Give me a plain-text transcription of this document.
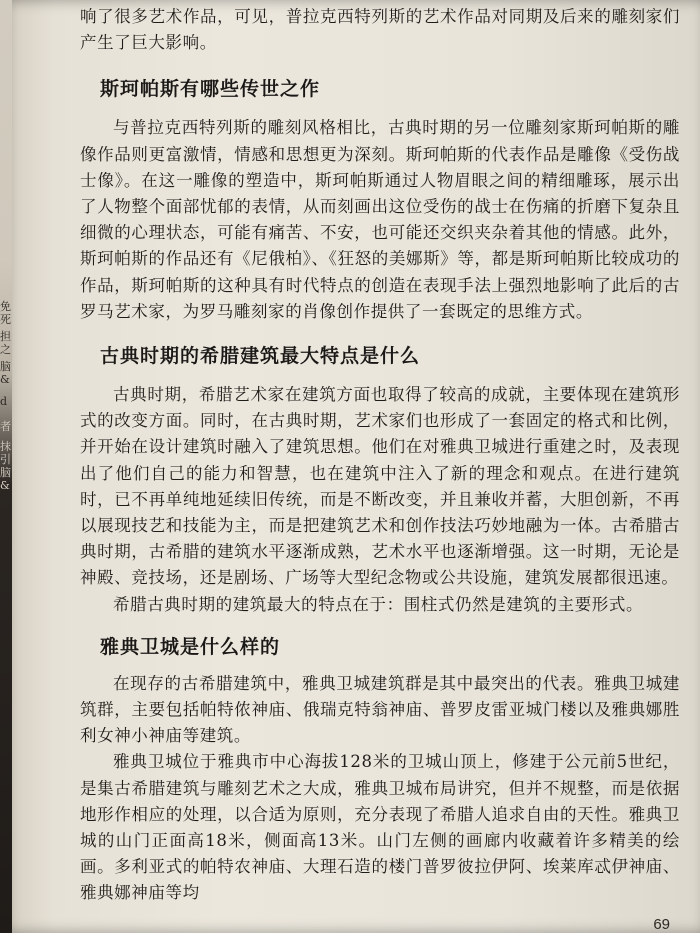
免死
担之
脑&
d
者
抹引
脑&

响了很多艺术作品，可见，普拉克西特列斯的艺术作品对同期及后来的雕刻家们产生了巨大影响。

斯珂帕斯有哪些传世之作

与普拉克西特列斯的雕刻风格相比，古典时期的另一位雕刻家斯珂帕斯的雕像作品则更富激情，情感和思想更为深刻。斯珂帕斯的代表作品是雕像《受伤战士像》。在这一雕像的塑造中，斯珂帕斯通过人物眉眼之间的精细雕琢，展示出了人物整个面部忧郁的表情，从而刻画出这位受伤的战士在伤痛的折磨下复杂且细微的心理状态，可能有痛苦、不安，也可能还交织夹杂着其他的情感。此外，斯珂帕斯的作品还有《尼俄柏》、《狂怒的美娜斯》等，都是斯珂帕斯比较成功的作品，斯珂帕斯的这种具有时代特点的创造在表现手法上强烈地影响了此后的古罗马艺术家，为罗马雕刻家的肖像创作提供了一套既定的思维方式。

古典时期的希腊建筑最大特点是什么

古典时期，希腊艺术家在建筑方面也取得了较高的成就，主要体现在建筑形式的改变方面。同时，在古典时期，艺术家们也形成了一套固定的格式和比例，并开始在设计建筑时融入了建筑思想。他们在对雅典卫城进行重建之时，及表现出了他们自己的能力和智慧，也在建筑中注入了新的理念和观点。在进行建筑时，已不再单纯地延续旧传统，而是不断改变，并且兼收并蓄，大胆创新，不再以展现技艺和技能为主，而是把建筑艺术和创作技法巧妙地融为一体。古希腊古典时期，古希腊的建筑水平逐渐成熟，艺术水平也逐渐增强。这一时期，无论是神殿、竞技场，还是剧场、广场等大型纪念物或公共设施，建筑发展都很迅速。

希腊古典时期的建筑最大的特点在于：围柱式仍然是建筑的主要形式。

雅典卫城是什么样的

在现存的古希腊建筑中，雅典卫城建筑群是其中最突出的代表。雅典卫城建筑群，主要包括帕特侬神庙、俄瑞克特翁神庙、普罗皮雷亚城门楼以及雅典娜胜利女神小神庙等建筑。

雅典卫城位于雅典市中心海拔128米的卫城山顶上，修建于公元前5世纪，是集古希腊建筑与雕刻艺术之大成，雅典卫城布局讲究，但并不规整，而是依据地形作相应的处理，以合适为原则，充分表现了希腊人追求自由的天性。雅典卫城的山门正面高18米，侧面高13米。山门左侧的画廊内收藏着许多精美的绘画。多利亚式的帕特农神庙、大理石造的楼门普罗彼拉伊阿、埃莱库忒伊神庙、雅典娜神庙等均

69
